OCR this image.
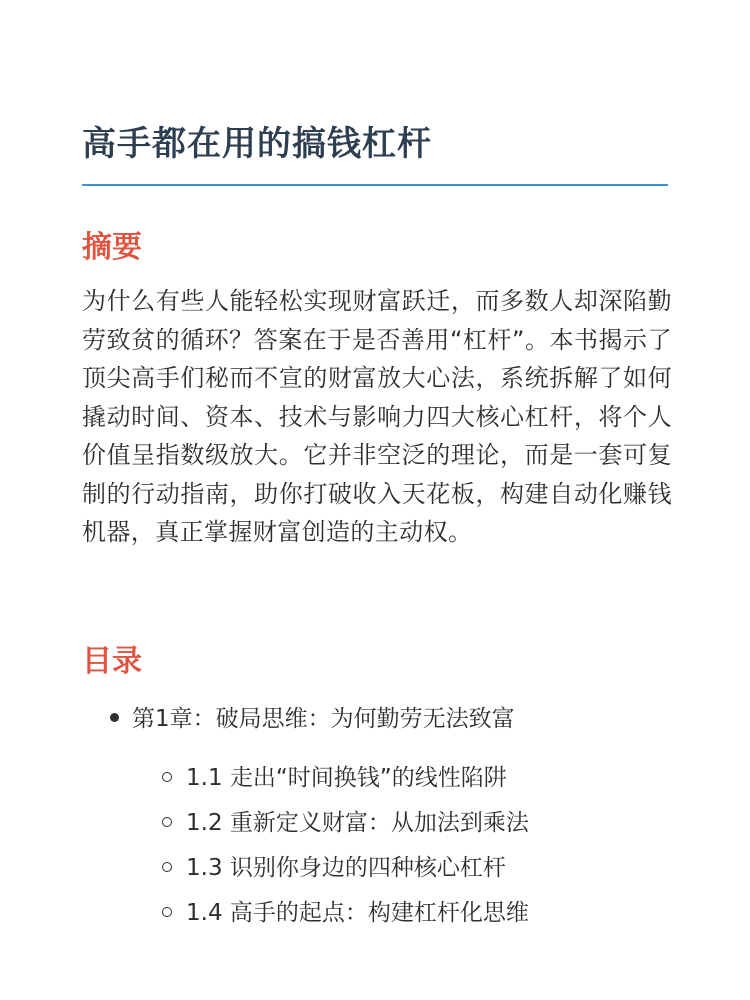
高手都在用的搞钱杠杆
摘要

为什么有些人能轻松实现财富跃迁，而多数人却深陷勤劳致贫的循环？答案在于是否善用“杠杆”。本书揭示了顶尖高手们秘而不宣的财富放大心法，系统拆解了如何撬动时间、资本、技术与影响力四大核心杠杆，将个人价值呈指数级放大。它并非空泛的理论，而是一套可复制的行动指南，助你打破收入天花板，构建自动化赚钱机器，真正掌握财富创造的主动权。

目录
第1章：破局思维：为何勤劳无法致富
1.1 走出“时间换钱”的线性陷阱
1.2 重新定义财富：从加法到乘法
1.3 识别你身边的四种核心杠杆
1.4 高手的起点：构建杠杆化思维
